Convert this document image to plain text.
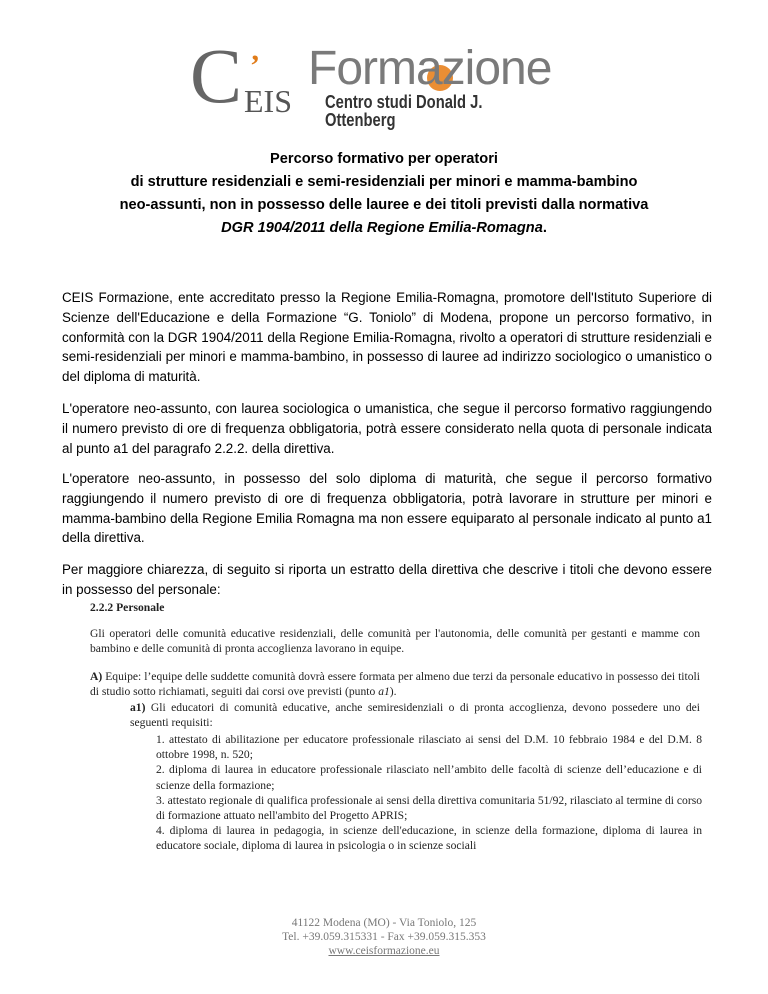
C ’
EIS
Formazione
Centro studi Donald J. Ottenberg
Percorso formativo per operatori
di strutture residenziali e semi-residenziali per minori e mamma-bambino
neo-assunti, non in possesso delle lauree e dei titoli previsti dalla normativa
DGR 1904/2011 della Regione Emilia-Romagna.
CEIS Formazione, ente accreditato presso la Regione Emilia-Romagna, promotore dell'Istituto Superiore di Scienze dell'Educazione e della Formazione “G. Toniolo” di Modena, propone un percorso formativo, in conformità con la DGR 1904/2011 della Regione Emilia-Romagna, rivolto a operatori di strutture residenziali e semi-residenziali per minori e mamma-bambino, in possesso di lauree ad indirizzo sociologico o umanistico o del diploma di maturità.
L'operatore neo-assunto, con laurea sociologica o umanistica, che segue il percorso formativo raggiungendo il numero previsto di ore di frequenza obbligatoria, potrà essere considerato nella quota di personale indicata al punto a1 del paragrafo 2.2.2. della direttiva.
L'operatore neo-assunto, in possesso del solo diploma di maturità, che segue il percorso formativo raggiungendo il numero previsto di ore di frequenza obbligatoria, potrà lavorare in strutture per minori e mamma-bambino della Regione Emilia Romagna ma non essere equiparato al personale indicato al punto a1 della direttiva.
Per maggiore chiarezza, di seguito si riporta un estratto della direttiva che descrive i titoli che devono essere in possesso del personale:
2.2.2 Personale
Gli operatori delle comunità educative residenziali, delle comunità per l'autonomia, delle comunità per gestanti e mamme con bambino e delle comunità di pronta accoglienza lavorano in equipe.
A) Equipe: l’equipe delle suddette comunità dovrà essere formata per almeno due terzi da personale educativo in possesso dei titoli di studio sotto richiamati, seguiti dai corsi ove previsti (punto a1).
a1) Gli educatori di comunità educative, anche semiresidenziali o di pronta accoglienza, devono possedere uno dei seguenti requisiti:
1. attestato di abilitazione per educatore professionale rilasciato ai sensi del D.M. 10 febbraio 1984 e del D.M. 8 ottobre 1998, n. 520;
2. diploma di laurea in educatore professionale rilasciato nell’ambito delle facoltà di scienze dell’educazione e di scienze della formazione;
3. attestato regionale di qualifica professionale ai sensi della direttiva comunitaria 51/92, rilasciato al termine di corso di formazione attuato nell'ambito del Progetto APRIS;
4. diploma di laurea in pedagogia, in scienze dell'educazione, in scienze della formazione, diploma di laurea in educatore sociale, diploma di laurea in psicologia o in scienze sociali
41122 Modena (MO) - Via Toniolo, 125
Tel. +39.059.315331 - Fax +39.059.315.353
www.ceisformazione.eu
